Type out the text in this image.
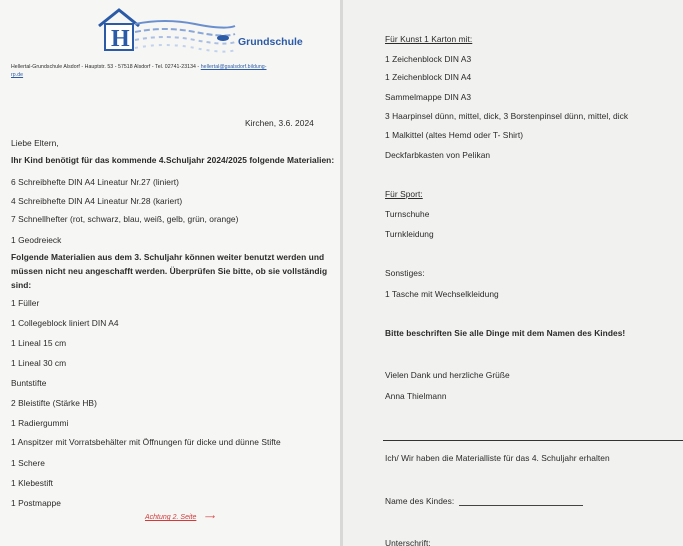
H	Grundschule
Hellertal-Grundschule Alsdorf - Hauptstr. 53 - 57518 Alsdorf - Tel. 02741-23134 - hellertal@gsalsdorf.bildung-
rp.de
Kirchen, 3.6. 2024
Liebe Eltern,
Ihr Kind benötigt für das kommende 4.Schuljahr 2024/2025 folgende Materialien:
6 Schreibhefte DIN A4 Lineatur Nr.27 (liniert)
4 Schreibhefte DIN A4 Lineatur Nr.28 (kariert)
7 Schnellhefter (rot, schwarz, blau, weiß, gelb, grün, orange)
1 Geodreieck
Folgende Materialien aus dem 3. Schuljahr können weiter benutzt werden und
müssen nicht neu angeschafft werden. Überprüfen Sie bitte, ob sie vollständig
sind:
1 Füller
1 Collegeblock liniert DIN A4
1 Lineal 15 cm
1 Lineal 30 cm
Buntstifte
2 Bleistifte (Stärke HB)
1 Radiergummi
1 Anspitzer mit Vorratsbehälter mit Öffnungen für dicke und dünne Stifte
1 Schere
1 Klebestift
1 Postmappe
Achtung 2. Seite ⟶
Für Kunst 1 Karton mit:
1 Zeichenblock DIN A3
1 Zeichenblock DIN A4
Sammelmappe DIN A3
3 Haarpinsel dünn, mittel, dick, 3 Borstenpinsel dünn, mittel, dick
1 Malkittel (altes Hemd oder T- Shirt)
Deckfarbkasten von Pelikan
Für Sport:
Turnschuhe
Turnkleidung
Sonstiges:
1 Tasche mit Wechselkleidung
Bitte beschriften Sie alle Dinge mit dem Namen des Kindes!
Vielen Dank und herzliche Grüße
Anna Thielmann
Ich/ Wir haben die Materialliste für das 4. Schuljahr erhalten
Name des Kindes:
Unterschrift:
